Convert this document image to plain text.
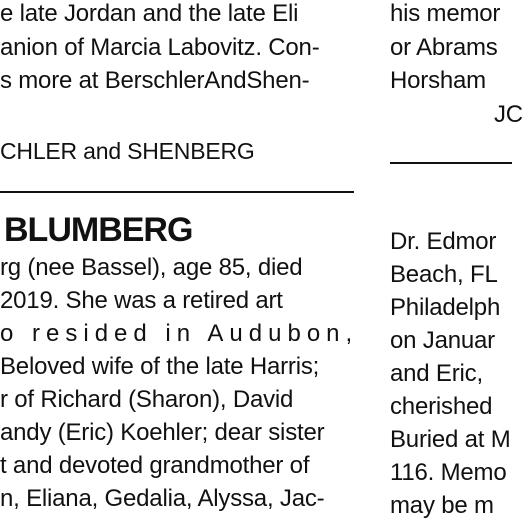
e late Jordan and the late Eli
anion of Marcia Labovitz. Con-
s more at BerschlerAndShen-
CHLER and SHENBERG
BLUMBERG
rg (nee Bassel), age 85, died
2019. She was a retired art
o resided in Audubon,
Beloved wife of the late Harris;
r of Richard (Sharon), David
andy (Eric) Koehler; dear sister
t and devoted grandmother of
n, Eliana, Gedalia, Alyssa, Jac-
his memor
or Abrams
Horsham
JC
Dr. Edmor
Beach, FL
Philadelph
on Januar
and Eric,
cherished
Buried at M
116. Memo
may be m
